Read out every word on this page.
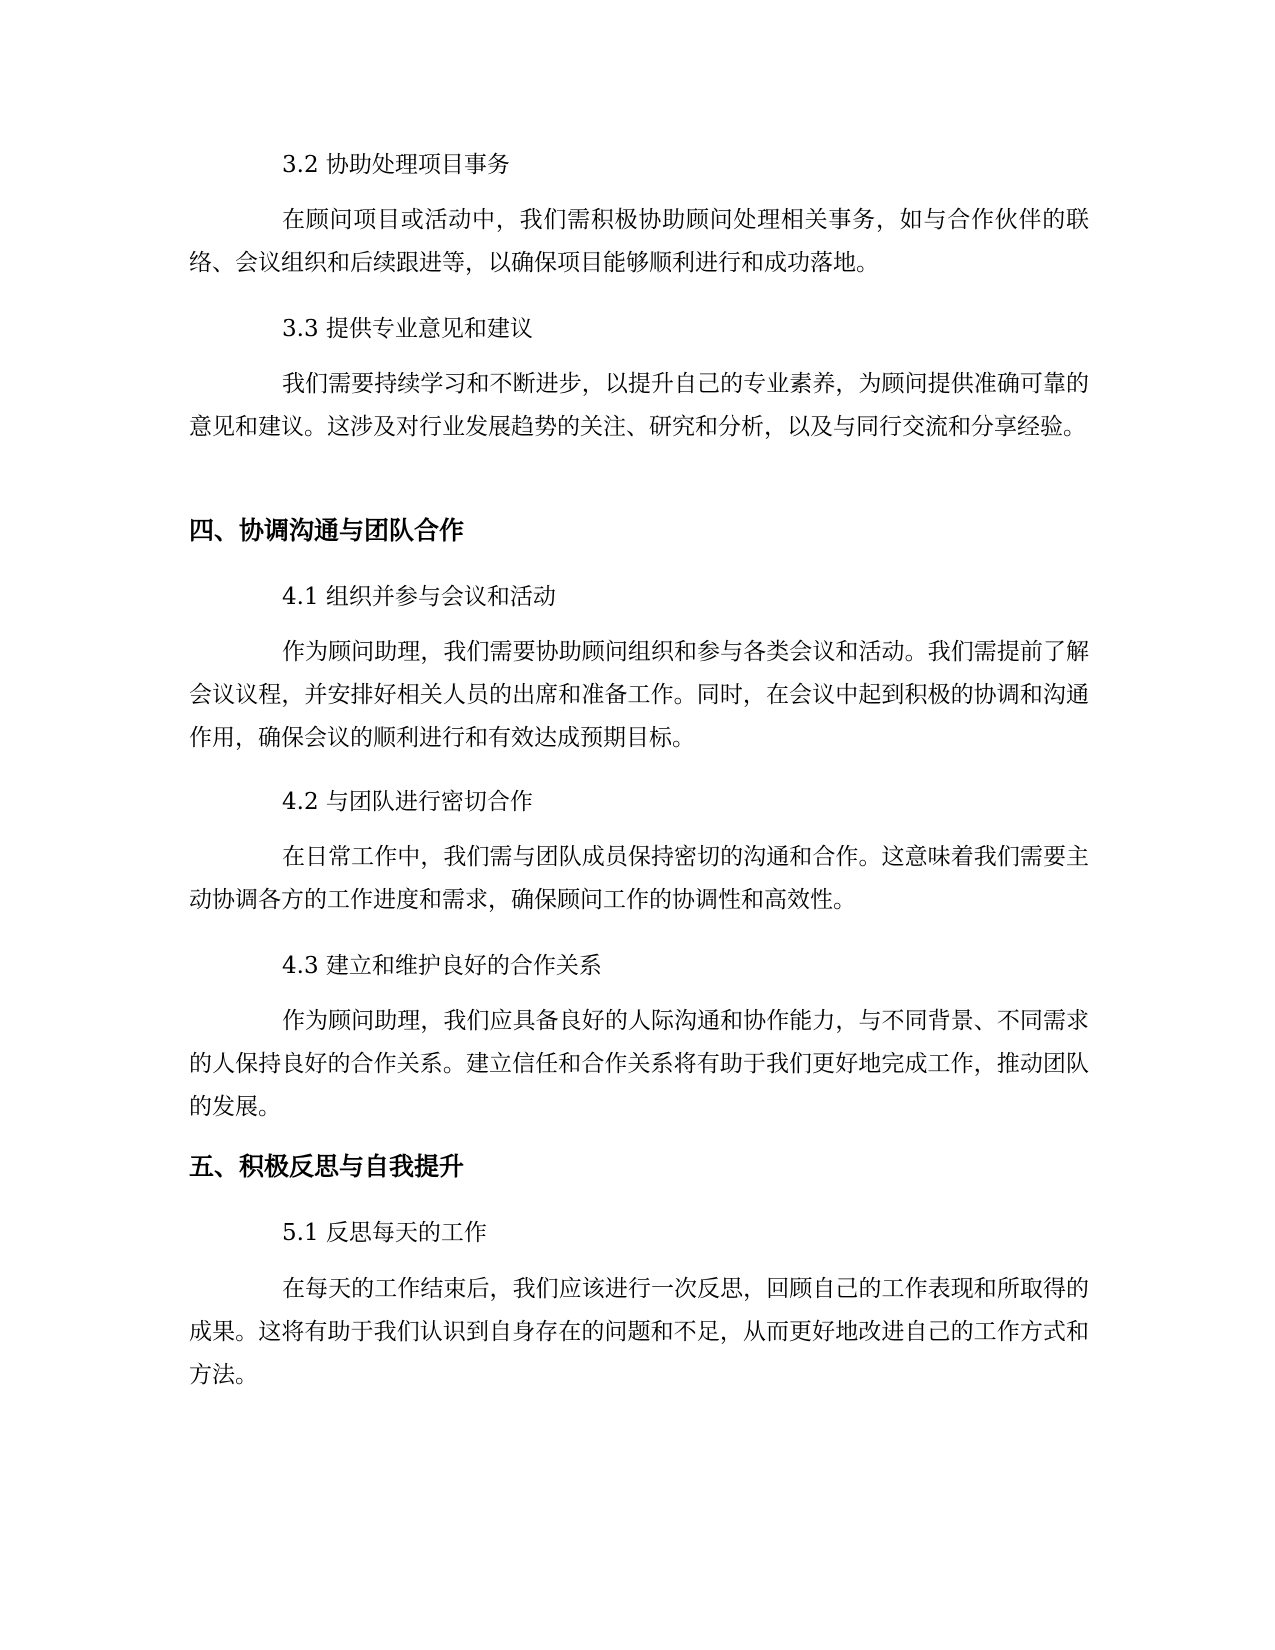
3.2 协助处理项目事务
在顾问项目或活动中，我们需积极协助顾问处理相关事务，如与合作伙伴的联络、会议组织和后续跟进等，以确保项目能够顺利进行和成功落地。
3.3 提供专业意见和建议
我们需要持续学习和不断进步，以提升自己的专业素养，为顾问提供准确可靠的意见和建议。这涉及对行业发展趋势的关注、研究和分析，以及与同行交流和分享经验。
四、协调沟通与团队合作
4.1 组织并参与会议和活动
作为顾问助理，我们需要协助顾问组织和参与各类会议和活动。我们需提前了解会议议程，并安排好相关人员的出席和准备工作。同时，在会议中起到积极的协调和沟通作用，确保会议的顺利进行和有效达成预期目标。
4.2 与团队进行密切合作
在日常工作中，我们需与团队成员保持密切的沟通和合作。这意味着我们需要主动协调各方的工作进度和需求，确保顾问工作的协调性和高效性。
4.3 建立和维护良好的合作关系
作为顾问助理，我们应具备良好的人际沟通和协作能力，与不同背景、不同需求的人保持良好的合作关系。建立信任和合作关系将有助于我们更好地完成工作，推动团队的发展。
五、积极反思与自我提升
5.1 反思每天的工作
在每天的工作结束后，我们应该进行一次反思，回顾自己的工作表现和所取得的成果。这将有助于我们认识到自身存在的问题和不足，从而更好地改进自己的工作方式和方法。
